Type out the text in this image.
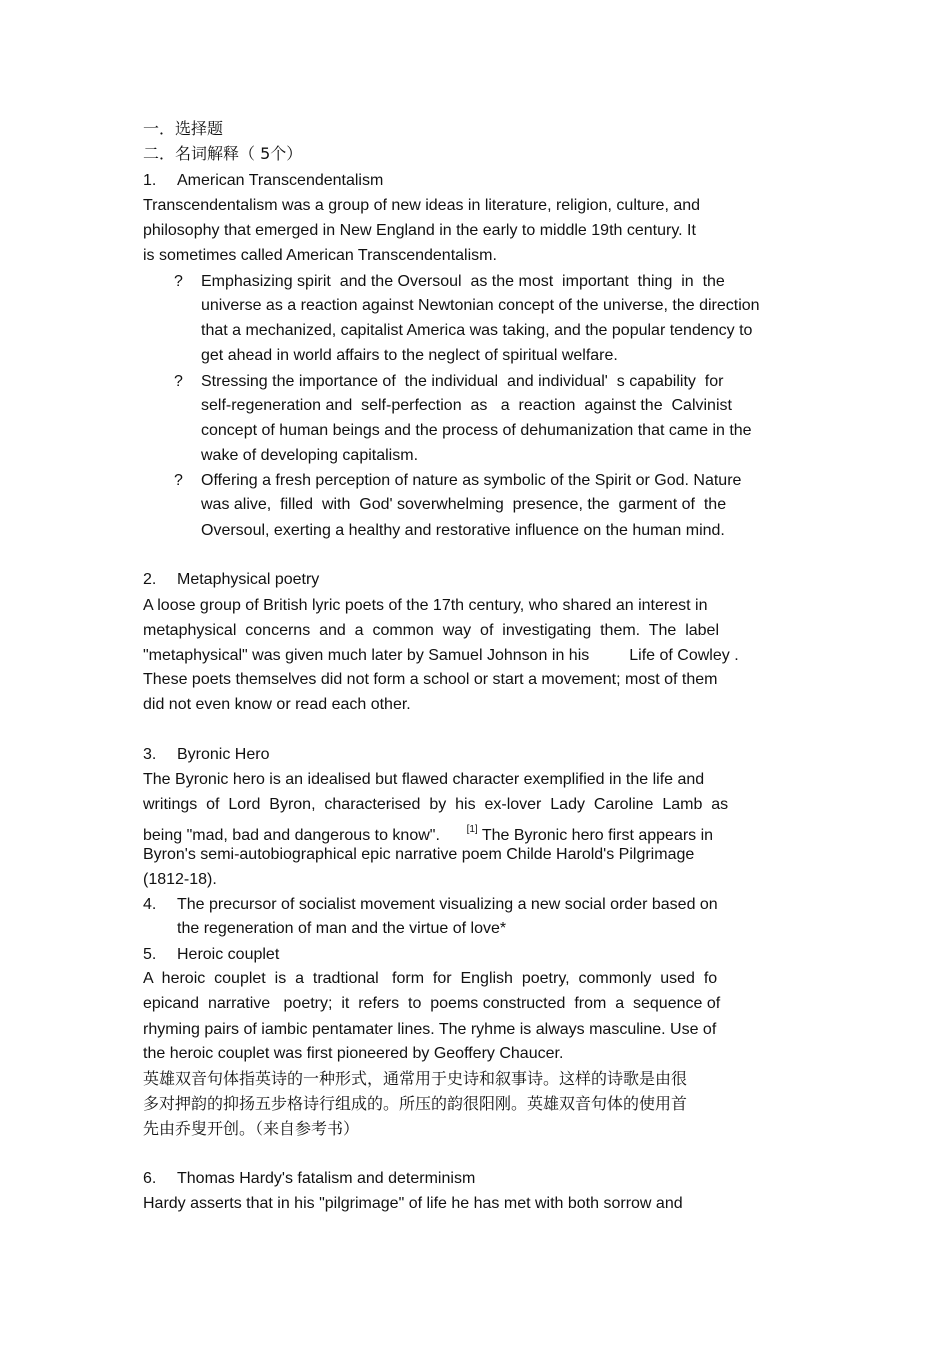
一．选择题
二．名词解释（ 5个）
1. American Transcendentalism
Transcendentalism was a group of new ideas in literature, religion, culture, and
philosophy that emerged in New England in the early to middle 19th century. It
is sometimes called American Transcendentalism.
? Emphasizing spirit  and the Oversoul  as the most  important  thing  in  the
universe as a reaction against Newtonian concept of the universe, the direction
that a mechanized, capitalist America was taking, and the popular tendency to
get ahead in world affairs to the neglect of spiritual welfare.
? Stressing the importance of  the individual  and individual'  s capability  for
self-regeneration and  self-perfection  as   a  reaction  against the  Calvinist
concept of human beings and the process of dehumanization that came in the
wake of developing capitalism.
? Offering a fresh perception of nature as symbolic of the Spirit or God. Nature
was alive,  filled  with  God' soverwhelming  presence, the  garment of  the
Oversoul, exerting a healthy and restorative influence on the human mind.
2. Metaphysical poetry
A loose group of British lyric poets of the 17th century, who shared an interest in
metaphysical  concerns  and  a  common  way  of  investigating  them.  The  label
"metaphysical" was given much later by Samuel Johnson in his         Life of Cowley .
These poets themselves did not form a school or start a movement; most of them
did not even know or read each other.
3. Byronic Hero
The Byronic hero is an idealised but flawed character exemplified in the life and
writings  of  Lord  Byron,  characterised  by  his  ex-lover  Lady  Caroline  Lamb  as
being "mad, bad and dangerous to know".	[1] The Byronic hero first appears in
Byron's semi-autobiographical epic narrative poem Childe Harold's Pilgrimage
(1812-18).
4. The precursor of socialist movement visualizing a new social order based on
the regeneration of man and the virtue of love*
5. Heroic couplet
A  heroic  couplet  is  a  tradtional   form  for  English  poetry,  commonly  used  fo
epicand  narrative   poetry;  it  refers  to  poems constructed  from  a  sequence of
rhyming pairs of iambic pentamater lines. The ryhme is always masculine. Use of
the heroic couplet was first pioneered by Geoffery Chaucer.
英雄双音句体指英诗的一种形式，通常用于史诗和叙事诗。这样的诗歌是由很
多对押韵的抑扬五步格诗行组成的。所压的韵很阳刚。英雄双音句体的使用首
先由乔叟开创。（来自参考书）
6. Thomas Hardy's fatalism and determinism
Hardy asserts that in his "pilgrimage" of life he has met with both sorrow and
